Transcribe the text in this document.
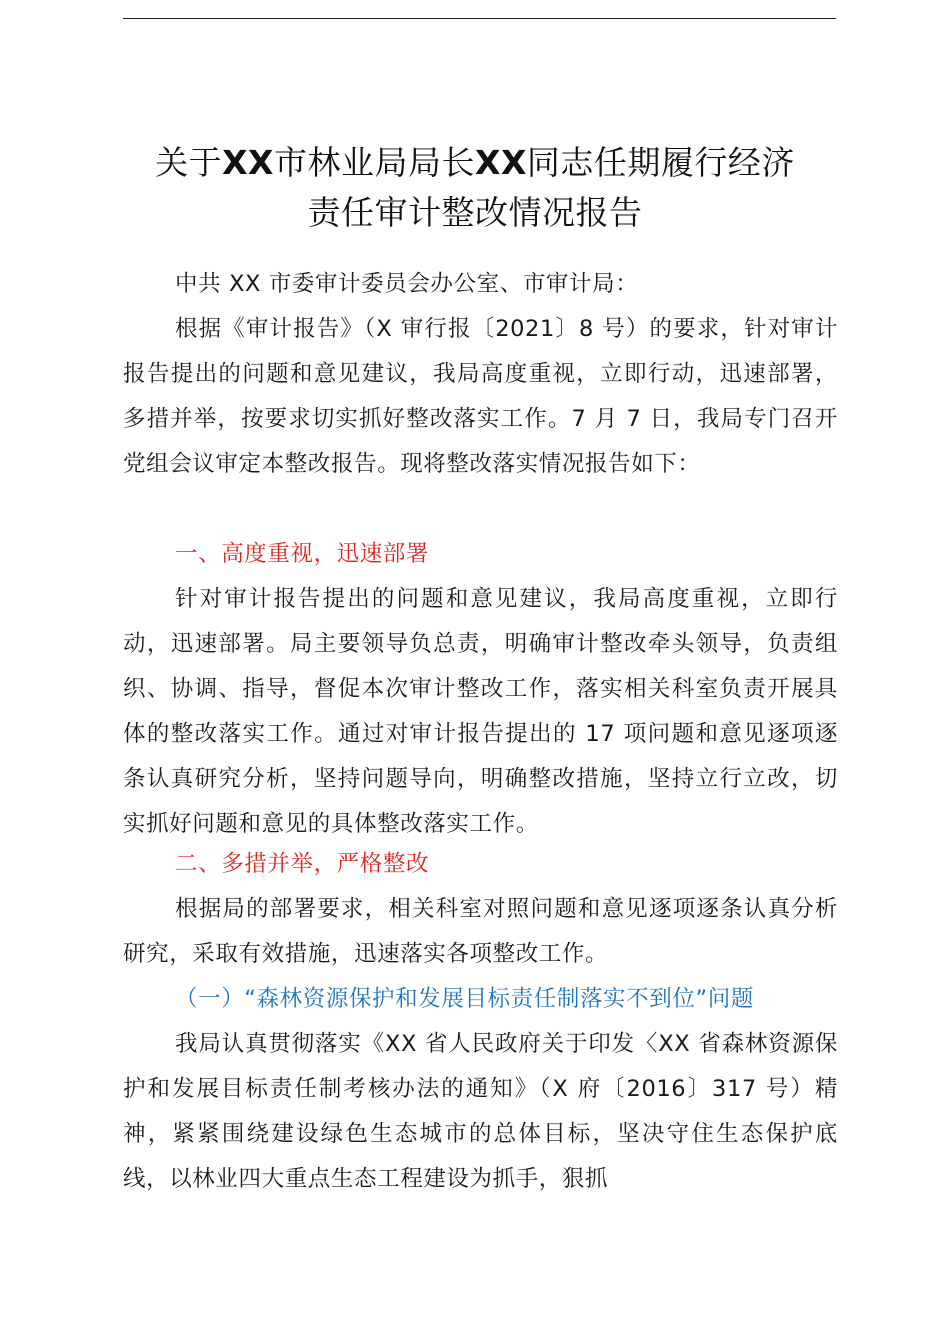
关于XX市林业局局长XX同志任期履行经济
责任审计整改情况报告

中共 XX 市委审计委员会办公室、市审计局：

根据《审计报告》（X 审行报〔2021〕8 号）的要求，针对审计报告提出的问题和意见建议，我局高度重视，立即行动，迅速部署，多措并举，按要求切实抓好整改落实工作。7 月 7 日，我局专门召开党组会议审定本整改报告。现将整改落实情况报告如下：

一、高度重视，迅速部署

针对审计报告提出的问题和意见建议，我局高度重视，立即行动，迅速部署。局主要领导负总责，明确审计整改牵头领导，负责组织、协调、指导，督促本次审计整改工作，落实相关科室负责开展具体的整改落实工作。通过对审计报告提出的 17 项问题和意见逐项逐条认真研究分析，坚持问题导向，明确整改措施，坚持立行立改，切实抓好问题和意见的具体整改落实工作。

二、多措并举，严格整改

根据局的部署要求，相关科室对照问题和意见逐项逐条认真分析研究，采取有效措施，迅速落实各项整改工作。

（一）“森林资源保护和发展目标责任制落实不到位”问题

我局认真贯彻落实《XX 省人民政府关于印发〈XX 省森林资源保护和发展目标责任制考核办法的通知》（X 府〔2016〕317 号）精神，紧紧围绕建设绿色生态城市的总体目标，坚决守住生态保护底线，以林业四大重点生态工程建设为抓手，狠抓
